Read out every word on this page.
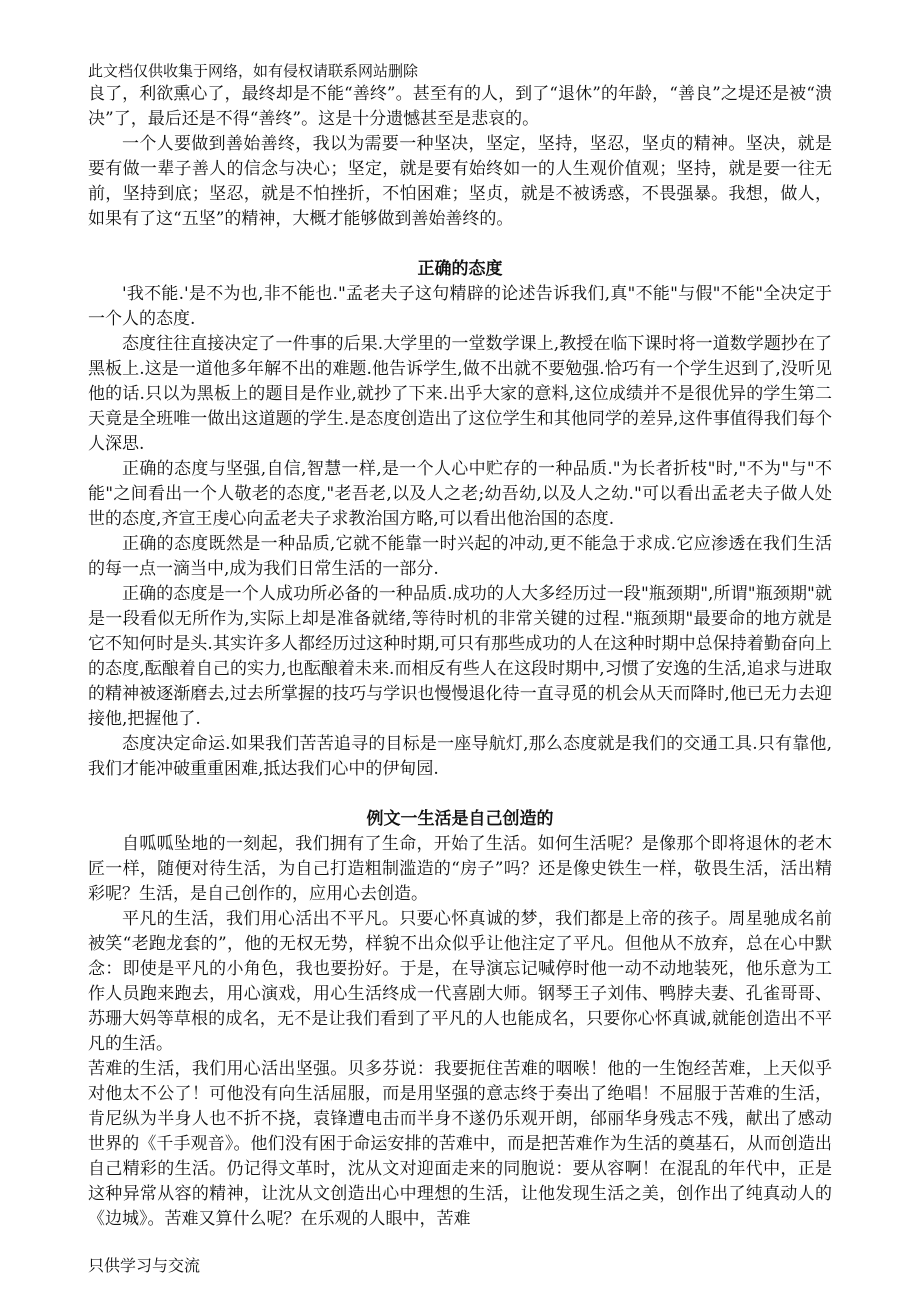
此文档仅供收集于网络，如有侵权请联系网站删除

良了，利欲熏心了，最终却是不能“善终”。甚至有的人，到了“退休”的年龄，“善良”之堤还是被“溃决”了，最后还是不得“善终”。这是十分遗憾甚至是悲哀的。

一个人要做到善始善终，我以为需要一种坚决，坚定，坚持，坚忍，坚贞的精神。坚决，就是要有做一辈子善人的信念与决心；坚定，就是要有始终如一的人生观价值观；坚持，就是要一往无前，坚持到底；坚忍，就是不怕挫折，不怕困难；坚贞，就是不被诱惑，不畏强暴。我想，做人，如果有了这“五坚”的精神，大概才能够做到善始善终的。

正确的态度

'我不能.'是不为也,非不能也."孟老夫子这句精辟的论述告诉我们,真"不能"与假"不能"全决定于一个人的态度.

态度往往直接决定了一件事的后果.大学里的一堂数学课上,教授在临下课时将一道数学题抄在了黑板上.这是一道他多年解不出的难题.他告诉学生,做不出就不要勉强.恰巧有一个学生迟到了,没听见他的话.只以为黑板上的题目是作业,就抄了下来.出乎大家的意料,这位成绩并不是很优异的学生第二天竟是全班唯一做出这道题的学生.是态度创造出了这位学生和其他同学的差异,这件事值得我们每个人深思.

正确的态度与坚强,自信,智慧一样,是一个人心中贮存的一种品质."为长者折枝"时,"不为"与"不能"之间看出一个人敬老的态度,"老吾老,以及人之老;幼吾幼,以及人之幼."可以看出孟老夫子做人处世的态度,齐宣王虔心向孟老夫子求教治国方略,可以看出他治国的态度.

正确的态度既然是一种品质,它就不能靠一时兴起的冲动,更不能急于求成.它应渗透在我们生活的每一点一滴当中,成为我们日常生活的一部分.

正确的态度是一个人成功所必备的一种品质.成功的人大多经历过一段"瓶颈期",所谓"瓶颈期"就是一段看似无所作为,实际上却是准备就绪,等待时机的非常关键的过程."瓶颈期"最要命的地方就是它不知何时是头.其实许多人都经历过这种时期,可只有那些成功的人在这种时期中总保持着勤奋向上的态度,酝酿着自己的实力,也酝酿着未来.而相反有些人在这段时期中,习惯了安逸的生活,追求与进取的精神被逐渐磨去,过去所掌握的技巧与学识也慢慢退化待一直寻觅的机会从天而降时,他已无力去迎接他,把握他了.

态度决定命运.如果我们苦苦追寻的目标是一座导航灯,那么态度就是我们的交通工具.只有靠他,我们才能冲破重重困难,抵达我们心中的伊甸园.

例文一生活是自己创造的

自呱呱坠地的一刻起，我们拥有了生命，开始了生活。如何生活呢？是像那个即将退休的老木匠一样，随便对待生活，为自己打造粗制滥造的“房子”吗？还是像史铁生一样，敬畏生活，活出精彩呢？生活，是自己创作的，应用心去创造。

平凡的生活，我们用心活出不平凡。只要心怀真诚的梦，我们都是上帝的孩子。周星驰成名前被笑“老跑龙套的”，他的无权无势，样貌不出众似乎让他注定了平凡。但他从不放弃，总在心中默念：即使是平凡的小角色，我也要扮好。于是，在导演忘记喊停时他一动不动地装死，他乐意为工作人员跑来跑去，用心演戏，用心生活终成一代喜剧大师。钢琴王子刘伟、鸭脖夫妻、孔雀哥哥、苏珊大妈等草根的成名，无不是让我们看到了平凡的人也能成名，只要你心怀真诚,就能创造出不平凡的生活。

苦难的生活，我们用心活出坚强。贝多芬说：我要扼住苦难的咽喉！他的一生饱经苦难，上天似乎对他太不公了！可他没有向生活屈服，而是用坚强的意志终于奏出了绝唱！不屈服于苦难的生活，肯尼纵为半身人也不折不挠，袁锋遭电击而半身不遂仍乐观开朗，邰丽华身残志不残，献出了感动世界的《千手观音》。他们没有困于命运安排的苦难中，而是把苦难作为生活的奠基石，从而创造出自己精彩的生活。仍记得文革时，沈从文对迎面走来的同胞说：要从容啊！在混乱的年代中，正是这种异常从容的精神，让沈从文创造出心中理想的生活，让他发现生活之美，创作出了纯真动人的《边城》。苦难又算什么呢？在乐观的人眼中，苦难

只供学习与交流
